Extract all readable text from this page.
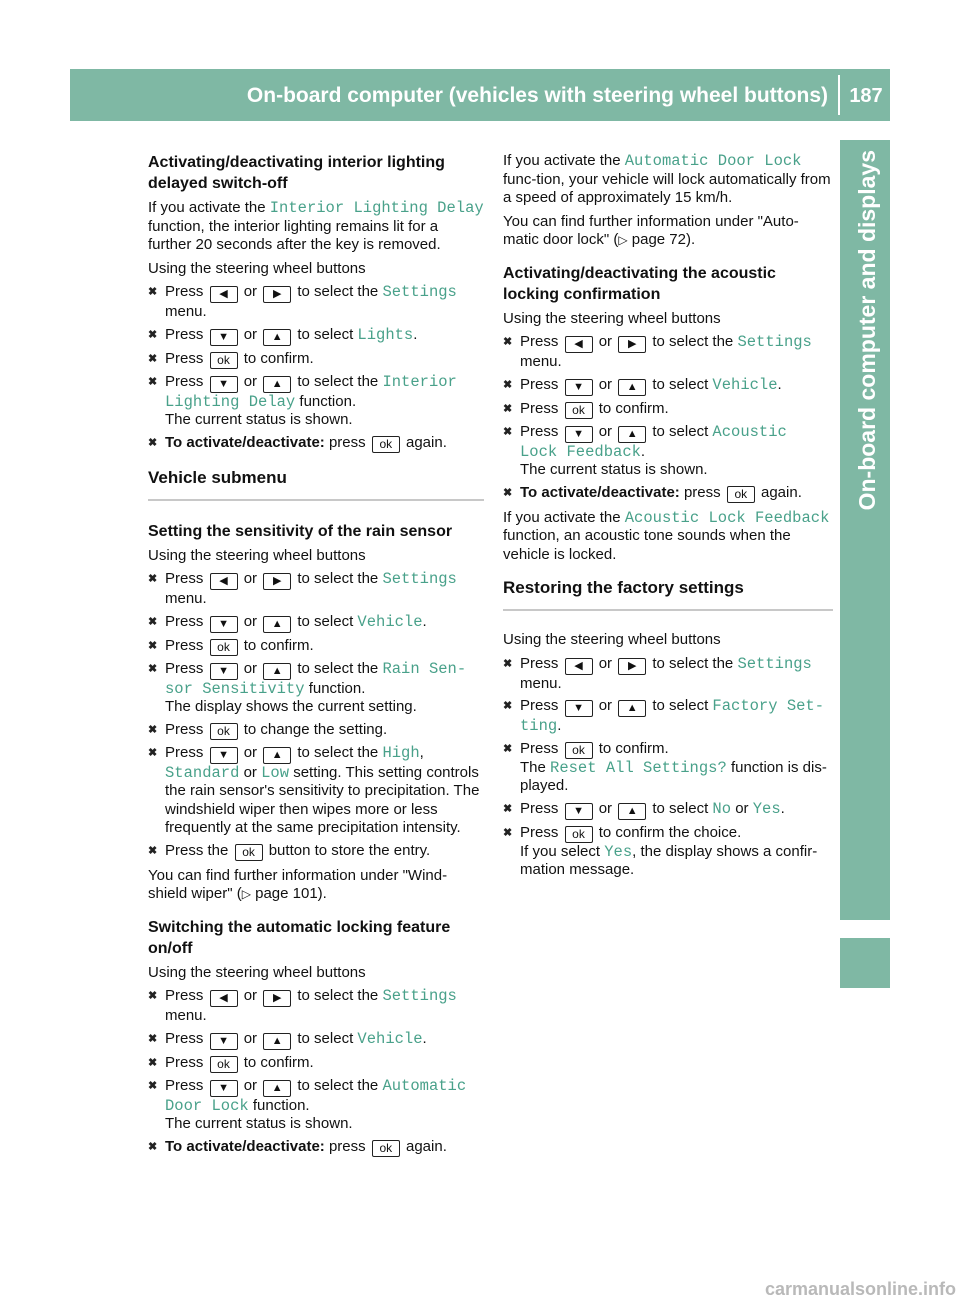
On-board computer (vehicles with steering wheel buttons)	187
On-board computer and displays
Activating/deactivating interior lighting delayed switch-off

If you activate the Interior Lighting Delay function, the interior lighting remains lit for a further 20 seconds after the key is removed.

Using the steering wheel buttons

✖ Press ◀ or ▶ to select the Settings
menu.
✖ Press ▼ or ▲ to select Lights.
✖ Press ok to confirm.
✖ Press ▼ or ▲ to select the Interior
Lighting Delay function.
The current status is shown.
✖ To activate/deactivate: press ok again.
Vehicle submenu
Setting the sensitivity of the rain sensor

Using the steering wheel buttons

✖ Press ◀ or ▶ to select the Settings
menu.
✖ Press ▼ or ▲ to select Vehicle.
✖ Press ok to confirm.
✖ Press ▼ or ▲ to select the Rain Sen‑
sor Sensitivity function.
The display shows the current setting.
✖ Press ok to change the setting.
✖ Press ▼ or ▲ to select the High,
Standard or Low setting. This setting controls the rain sensor's sensitivity to precipitation. The windshield wiper then wipes more or less frequently at the same precipitation intensity.
✖ Press the ok button to store the entry.

You can find further information under "Wind-shield wiper" (▷ page 101).

Switching the automatic locking feature on/off

Using the steering wheel buttons

✖ Press ◀ or ▶ to select the Settings
menu.
✖ Press ▼ or ▲ to select Vehicle.
✖ Press ok to confirm.
✖ Press ▼ or ▲ to select the Automatic
Door Lock function.
The current status is shown.
✖ To activate/deactivate: press ok again.

If you activate the Automatic Door Lock func-tion, your vehicle will lock automatically from a speed of approximately 15 km/h.

You can find further information under "Auto-matic door lock" (▷ page 72).

Activating/deactivating the acoustic locking confirmation

Using the steering wheel buttons

✖ Press ◀ or ▶ to select the Settings
menu.
✖ Press ▼ or ▲ to select Vehicle.
✖ Press ok to confirm.
✖ Press ▼ or ▲ to select Acoustic
Lock Feedback.
The current status is shown.
✖ To activate/deactivate: press ok again.

If you activate the Acoustic Lock Feedback function, an acoustic tone sounds when the vehicle is locked.

Restoring the factory settings

Using the steering wheel buttons

✖ Press ◀ or ▶ to select the Settings
menu.
✖ Press ▼ or ▲ to select Factory Set‑
ting.
✖ Press ok to confirm.
The Reset All Settings? function is dis-played.
✖ Press ▼ or ▲ to select No or Yes.
✖ Press ok to confirm the choice.
If you select Yes, the display shows a confir-mation message.
carmanualsonline.info
